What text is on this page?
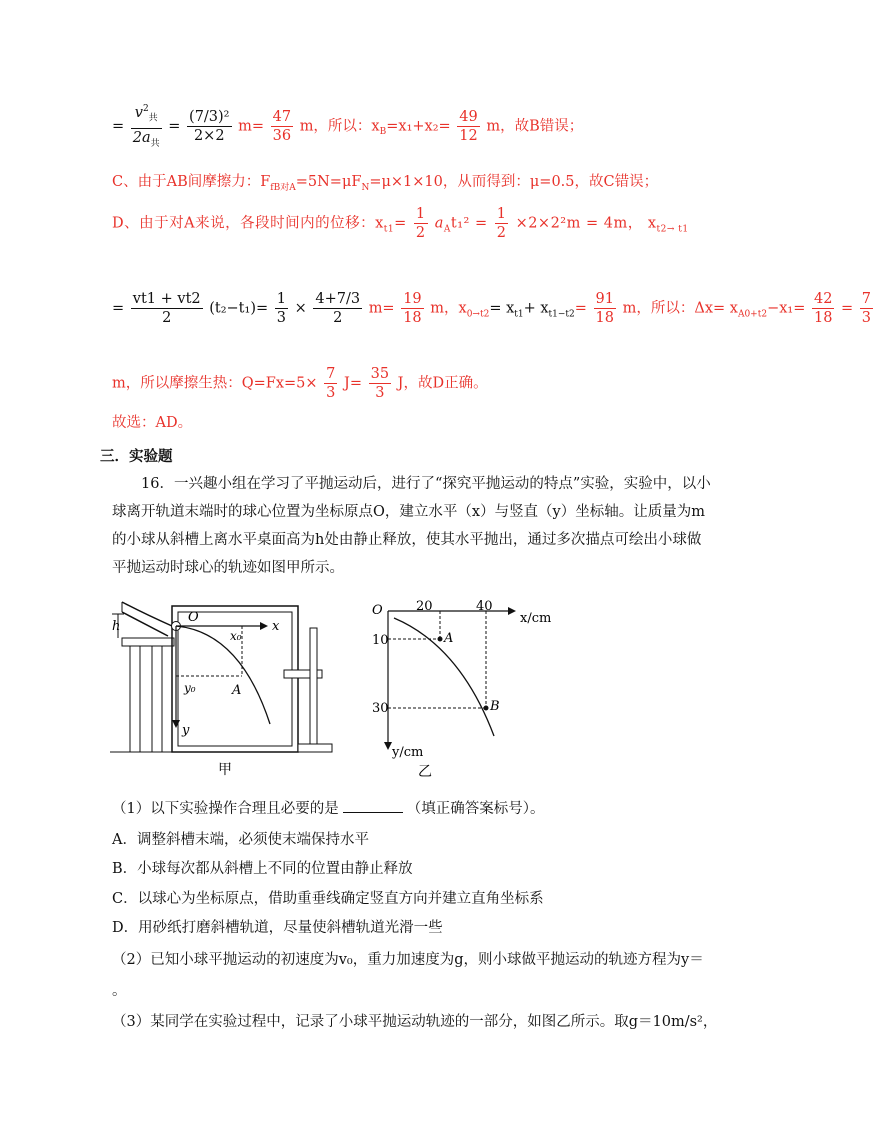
= $\frac{v^2_共}{2a_共} = \frac{\text{(7/3)²}}{2\times 2} m= \frac{47}{36}$ m，所以：$x_B=x_1+x_2= \frac{49}{12}$ m，故B错误；
C、由于AB间摩擦力：$F_{fB对A}=5N=\mu F_N=\mu\times 1\times 10$，从而得到：μ=0.5，故C错误；
D、由于对A来说，各段时间内的位移：$x_{t1}= \frac{1}{2} a_At_1^2 = \frac{1}{2} \times 2\times 2^2m = 4m$， $x_{t2\to t1}$
= $\frac{vt1 + vt2}{2} (t_2-t_1)= \frac{1}{3} \times \frac{4+7/3}{2} m= \frac{19}{18}$ m，$x_{0\to t2}= x_{t1}+ x_{t1-t2}= \frac{91}{18}$ m，所以：$\Delta x= x_{A0+t2}-x_1= \frac{42}{18} = \frac{7}{3}$
m，所以摩擦生热：$Q=Fx=5\times \frac{7}{3} J= \frac{35}{3}$ J，故D正确。
故选：AD。
三．实验题
16．一兴趣小组在学习了平抛运动后，进行了“探究平抛运动的特点”实验，实验中，以小球离开轨道末端时的球心位置为坐标原点O，建立水平（x）与竖直（y）坐标轴。让质量为m的小球从斜槽上离水平桌面高为h处由静止释放，使其水平抛出，通过多次描点可绘出小球做平抛运动时球心的轨迹如图甲所示。
h
O
x
y
x₀
y₀	A
甲
O	20	40
x/cm
y/cm
10
30
A
B
乙
（1）以下实验操作合理且必要的是	（填正确答案标号）。
A．调整斜槽末端，必须使末端保持水平
B．小球每次都从斜槽上不同的位置由静止释放
C．以球心为坐标原点，借助重垂线确定竖直方向并建立直角坐标系
D．用砂纸打磨斜槽轨道，尽量使斜槽轨道光滑一些
（2）已知小球平抛运动的初速度为v₀，重力加速度为g，则小球做平抛运动的轨迹方程为y＝
。
（3）某同学在实验过程中，记录了小球平抛运动轨迹的一部分，如图乙所示。取g＝10m/s²，
